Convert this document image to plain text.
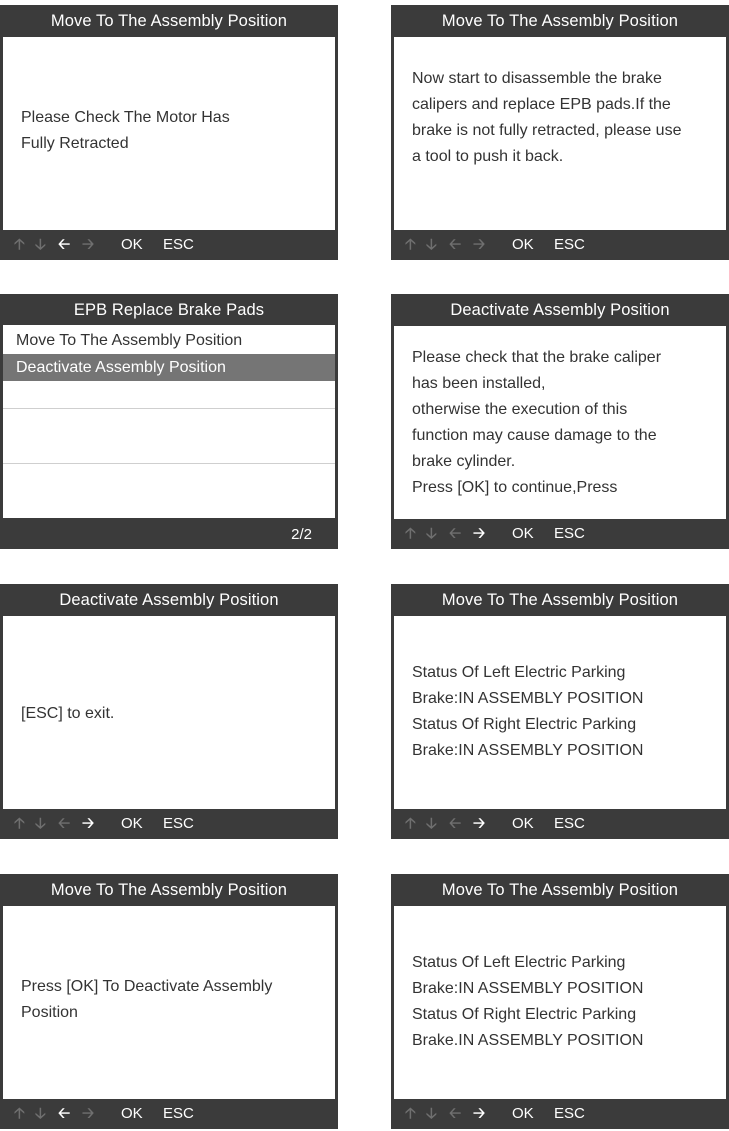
Move To The Assembly Position
Please Check The Motor Has
Fully Retracted
🡡 🡣 🡠 🡢 OK ESC
Move To The Assembly Position
Now start to disassemble the brake
calipers and replace EPB pads.If the
brake is not fully retracted, please use
a tool to push it back.
🡡 🡣 🡠 🡢 OK ESC
EPB Replace Brake Pads
Move To The Assembly Position
Deactivate Assembly Position
2/2
Deactivate Assembly Position
Please check that the brake caliper
has been installed,
otherwise the execution of this
function may cause damage to the
brake cylinder.
Press [OK] to continue,Press
🡡 🡣 🡠 🡢 OK ESC
Deactivate Assembly Position
[ESC] to exit.
🡡 🡣 🡠 🡢 OK ESC
Move To The Assembly Position
Status Of Left Electric Parking
Brake:IN ASSEMBLY POSITION
Status Of Right Electric Parking
Brake:IN ASSEMBLY POSITION
🡡 🡣 🡠 🡢 OK ESC
Move To The Assembly Position
Press [OK] To Deactivate Assembly
Position
🡡 🡣 🡠 🡢 OK ESC
Move To The Assembly Position
Status Of Left Electric Parking
Brake:IN ASSEMBLY POSITION
Status Of Right Electric Parking
Brake.IN ASSEMBLY POSITION
🡡 🡣 🡠 🡢 OK ESC
